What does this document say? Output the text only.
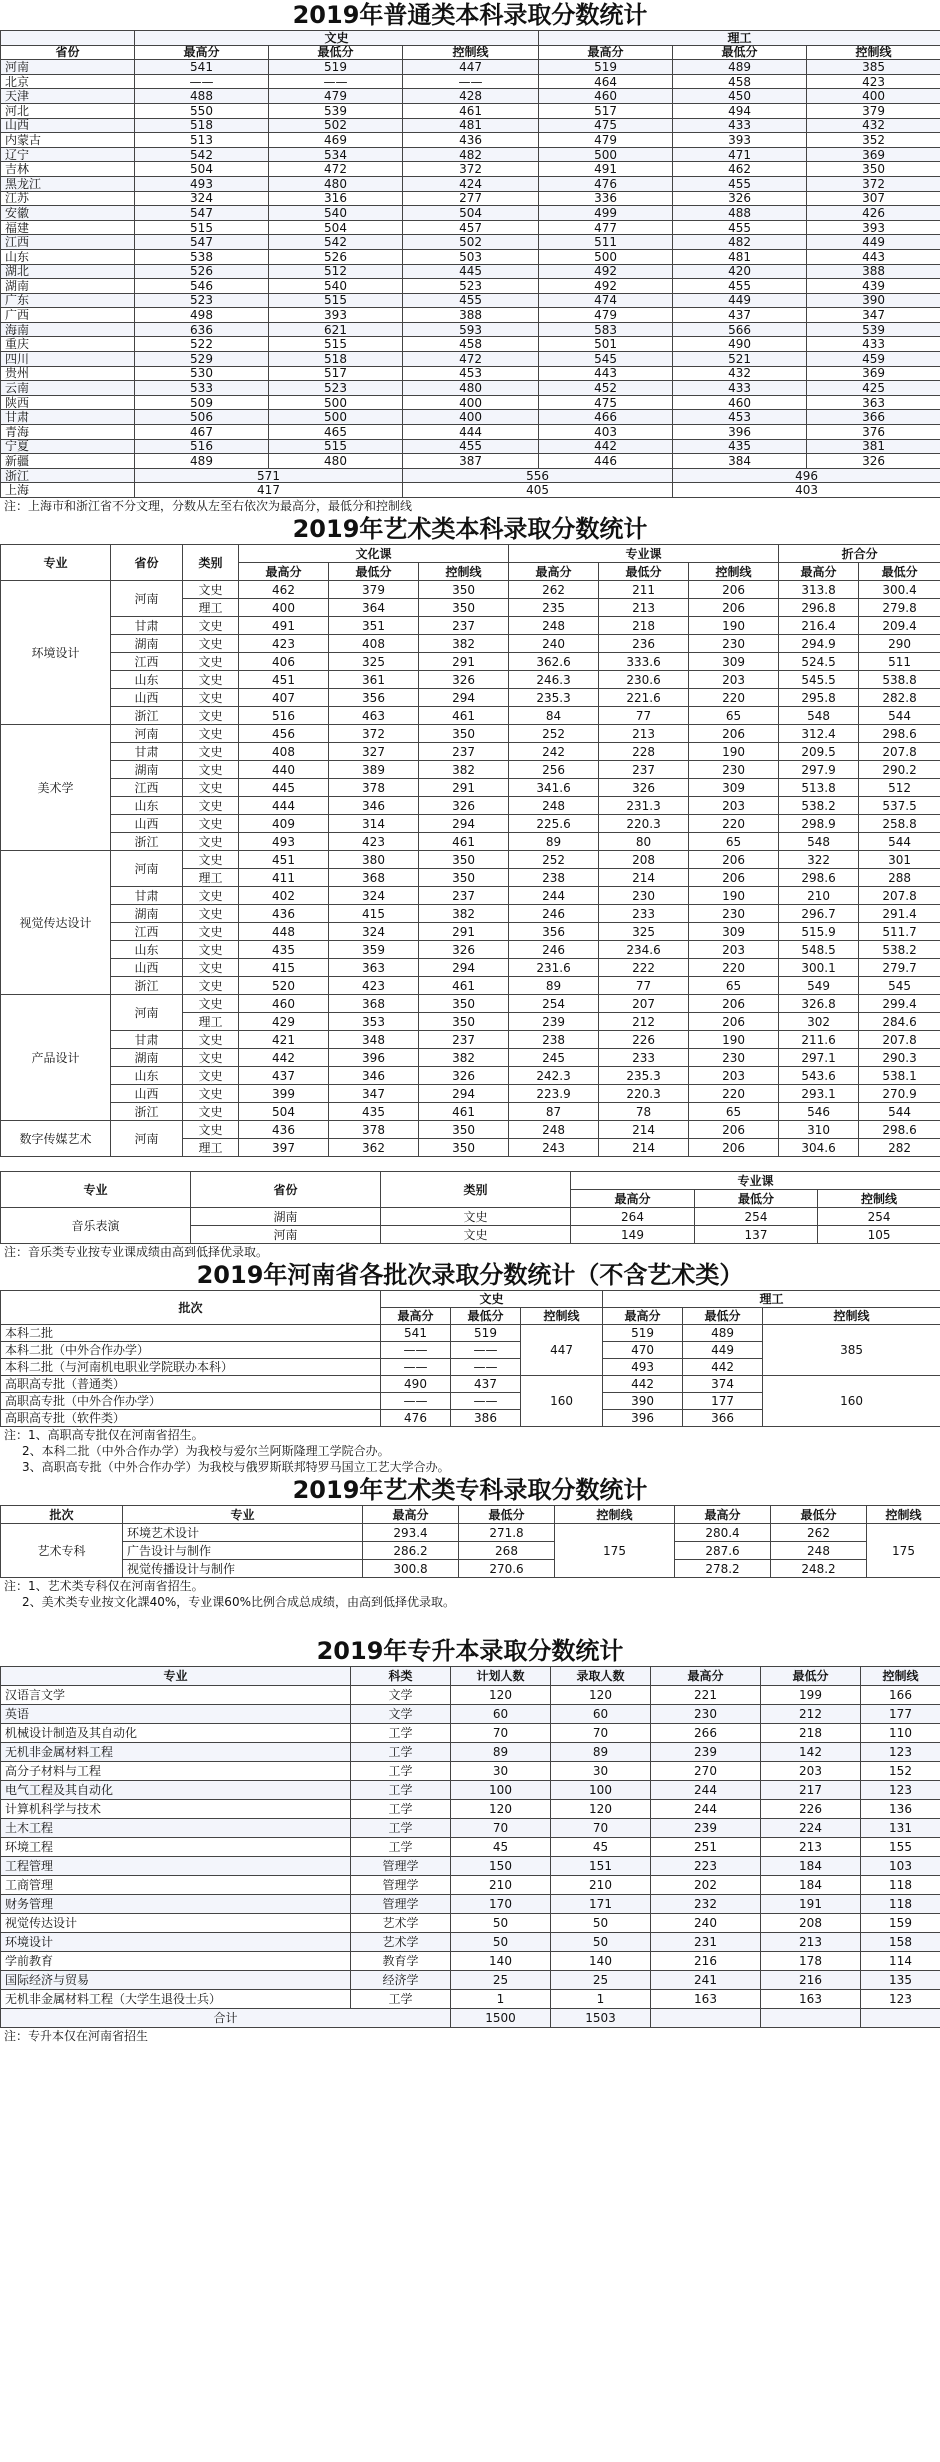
2019年普通类本科录取分数统计
	文史			理工		
省份	最高分	最低分	控制线	最高分	最低分	控制线
河南	541	519	447	519	489	385
北京	——	——	——	464	458	423
天津	488	479	428	460	450	400
河北	550	539	461	517	494	379
山西	518	502	481	475	433	432
内蒙古	513	469	436	479	393	352
辽宁	542	534	482	500	471	369
吉林	504	472	372	491	462	350
黑龙江	493	480	424	476	455	372
江苏	324	316	277	336	326	307
安徽	547	540	504	499	488	426
福建	515	504	457	477	455	393
江西	547	542	502	511	482	449
山东	538	526	503	500	481	443
湖北	526	512	445	492	420	388
湖南	546	540	523	492	455	439
广东	523	515	455	474	449	390
广西	498	393	388	479	437	347
海南	636	621	593	583	566	539
重庆	522	515	458	501	490	433
四川	529	518	472	545	521	459
贵州	530	517	453	443	432	369
云南	533	523	480	452	433	425
陕西	509	500	400	475	460	363
甘肃	506	500	400	466	453	366
青海	467	465	444	403	396	376
宁夏	516	515	455	442	435	381
新疆	489	480	387	446	384	326
浙江	571		556		496	
上海	417		405		403	
注：上海市和浙江省不分文理，分数从左至右依次为最高分，最低分和控制线
2019年艺术类本科录取分数统计
专业	省份	类别	文化课			专业课			折合分	
			最高分	最低分	控制线	最高分	最低分	控制线	最高分	最低分
环境设计	河南	文史	462	379	350	262	211	206	313.8	300.4
		理工	400	364	350	235	213	206	296.8	279.8
	甘肃	文史	491	351	237	248	218	190	216.4	209.4
	湖南	文史	423	408	382	240	236	230	294.9	290
	江西	文史	406	325	291	362.6	333.6	309	524.5	511
	山东	文史	451	361	326	246.3	230.6	203	545.5	538.8
	山西	文史	407	356	294	235.3	221.6	220	295.8	282.8
	浙江	文史	516	463	461	84	77	65	548	544
美术学	河南	文史	456	372	350	252	213	206	312.4	298.6
	甘肃	文史	408	327	237	242	228	190	209.5	207.8
	湖南	文史	440	389	382	256	237	230	297.9	290.2
	江西	文史	445	378	291	341.6	326	309	513.8	512
	山东	文史	444	346	326	248	231.3	203	538.2	537.5
	山西	文史	409	314	294	225.6	220.3	220	298.9	258.8
	浙江	文史	493	423	461	89	80	65	548	544
视觉传达设计	河南	文史	451	380	350	252	208	206	322	301
		理工	411	368	350	238	214	206	298.6	288
	甘肃	文史	402	324	237	244	230	190	210	207.8
	湖南	文史	436	415	382	246	233	230	296.7	291.4
	江西	文史	448	324	291	356	325	309	515.9	511.7
	山东	文史	435	359	326	246	234.6	203	548.5	538.2
	山西	文史	415	363	294	231.6	222	220	300.1	279.7
	浙江	文史	520	423	461	89	77	65	549	545
产品设计	河南	文史	460	368	350	254	207	206	326.8	299.4
		理工	429	353	350	239	212	206	302	284.6
	甘肃	文史	421	348	237	238	226	190	211.6	207.8
	湖南	文史	442	396	382	245	233	230	297.1	290.3
	山东	文史	437	346	326	242.3	235.3	203	543.6	538.1
	山西	文史	399	347	294	223.9	220.3	220	293.1	270.9
	浙江	文史	504	435	461	87	78	65	546	544
数字传媒艺术	河南	文史	436	378	350	248	214	206	310	298.6
		理工	397	362	350	243	214	206	304.6	282
专业	省份	类别	专业课		
			最高分	最低分	控制线
音乐表演	湖南	文史	264	254	254
	河南	文史	149	137	105
注：音乐类专业按专业课成绩由高到低择优录取。
2019年河南省各批次录取分数统计（不含艺术类）
批次	文史			理工		
	最高分	最低分	控制线	最高分	最低分	控制线
本科二批	541	519	447	519	489	385
本科二批（中外合作办学）	——	——		470	449	
本科二批（与河南机电职业学院联办本科）	——	——		493	442	
高职高专批（普通类）	490	437	160	442	374	160
高职高专批（中外合作办学）	——	——		390	177	
高职高专批（软件类）	476	386		396	366	
注：1、高职高专批仅在河南省招生。
2、本科二批（中外合作办学）为我校与爱尔兰阿斯隆理工学院合办。
3、高职高专批（中外合作办学）为我校与俄罗斯联邦特罗马国立工艺大学合办。
2019年艺术类专科录取分数统计
批次	专业	最高分	最低分	控制线	最高分	最低分	控制线
艺术专科	环境艺术设计	293.4	271.8	175	280.4	262	175
	广告设计与制作	286.2	268		287.6	248	
	视觉传播设计与制作	300.8	270.6		278.2	248.2	
注：1、艺术类专科仅在河南省招生。
2、美术类专业按文化課40%，专业课60%比例合成总成绩，由高到低择优录取。
2019年专升本录取分数统计
专业	科类	计划人数	录取人数	最高分	最低分	控制线
汉语言文学	文学	120	120	221	199	166
英语	文学	60	60	230	212	177
机械设计制造及其自动化	工学	70	70	266	218	110
无机非金属材料工程	工学	89	89	239	142	123
高分子材料与工程	工学	30	30	270	203	152
电气工程及其自动化	工学	100	100	244	217	123
计算机科学与技术	工学	120	120	244	226	136
土木工程	工学	70	70	239	224	131
环境工程	工学	45	45	251	213	155
工程管理	管理学	150	151	223	184	103
工商管理	管理学	210	210	202	184	118
财务管理	管理学	170	171	232	191	118
视觉传达设计	艺术学	50	50	240	208	159
环境设计	艺术学	50	50	231	213	158
学前教育	教育学	140	140	216	178	114
国际经济与贸易	经济学	25	25	241	216	135
无机非金属材料工程（大学生退役士兵）	工学	1	1	163	163	123
合计		1500	1503			
注：专升本仅在河南省招生
